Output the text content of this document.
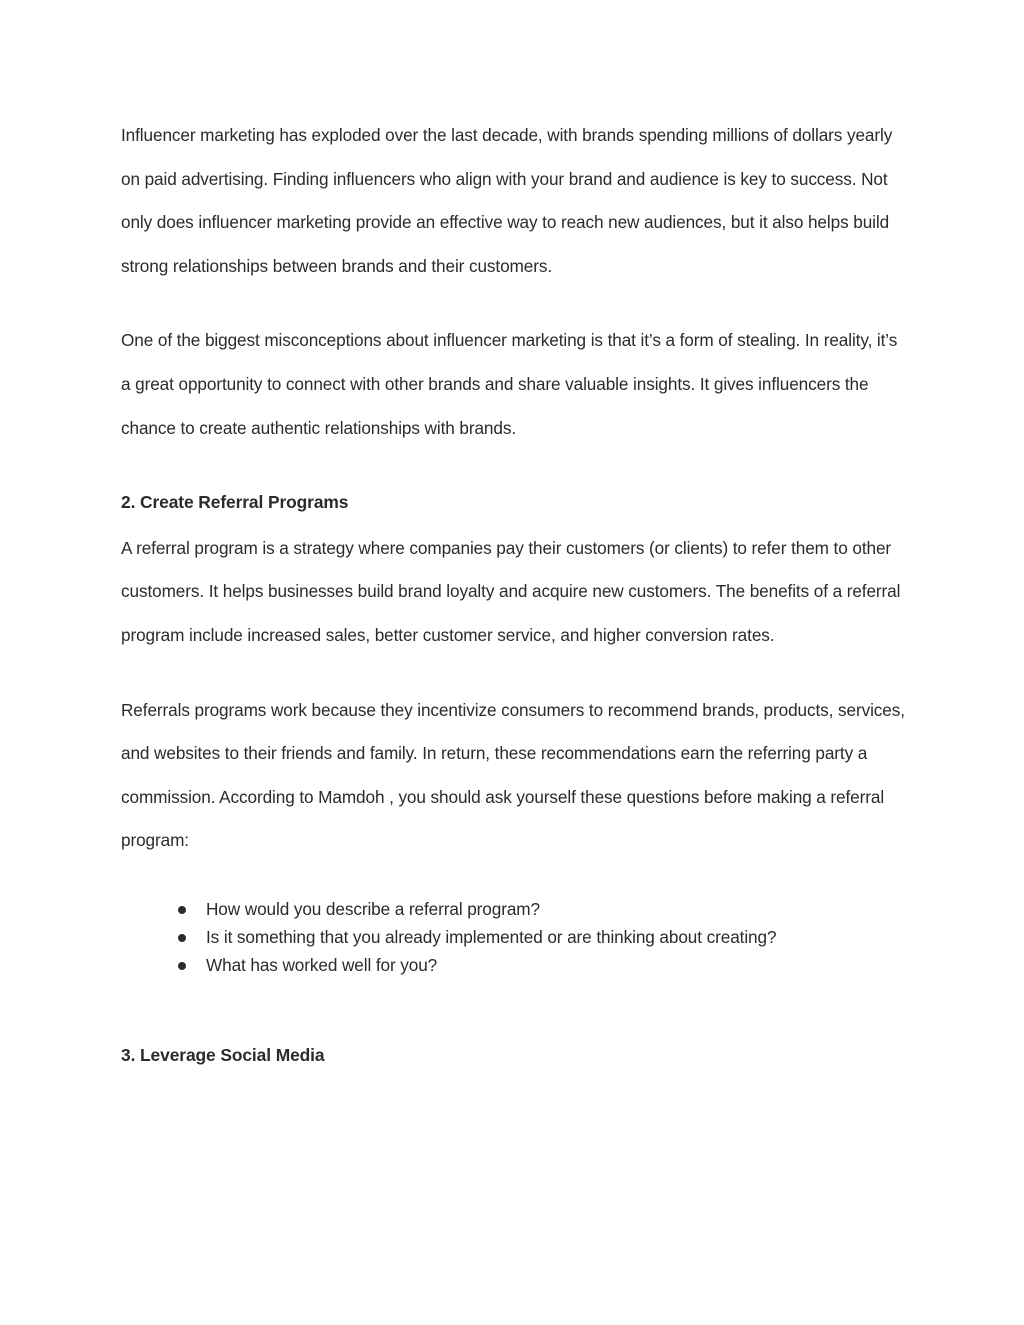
Influencer marketing has exploded over the last decade, with brands spending millions of dollars yearly on paid advertising. Finding influencers who align with your brand and audience is key to success. Not only does influencer marketing provide an effective way to reach new audiences, but it also helps build strong relationships between brands and their customers.

One of the biggest misconceptions about influencer marketing is that it’s a form of stealing. In reality, it’s a great opportunity to connect with other brands and share valuable insights. It gives influencers the chance to create authentic relationships with brands.

2. Create Referral Programs

A referral program is a strategy where companies pay their customers (or clients) to refer them to other customers. It helps businesses build brand loyalty and acquire new customers. The benefits of a referral program include increased sales, better customer service, and higher conversion rates.

Referrals programs work because they incentivize consumers to recommend brands, products, services, and websites to their friends and family. In return, these recommendations earn the referring party a commission. According to Mamdoh , you should ask yourself these questions before making a referral program:

How would you describe a referral program?
Is it something that you already implemented or are thinking about creating?
What has worked well for you?
3. Leverage Social Media
